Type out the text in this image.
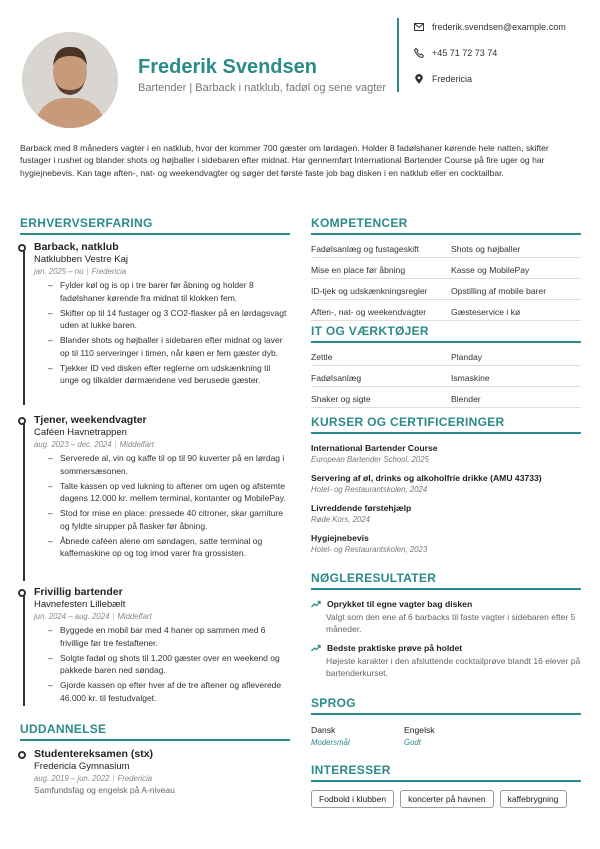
Frederik Svendsen
Bartender | Barback i natklub, fadøl og sene vagter
frederik.svendsen@example.com
+45 71 72 73 74
Fredericia
Barback med 8 måneders vagter i en natklub, hvor der kommer 700 gæster om lørdagen. Holder 8 fadølshaner kørende hele natten, skifter fustager i rushet og blander shots og højballer i sidebaren efter midnat. Har gennemført International Bartender Course på fire uger og har hygiejnebevis. Kan tage aften-, nat- og weekendvagter og søger det første faste job bag disken i en natklub eller en cocktailbar.
ERHVERVSERFARING
Barback, natklub
Natklubben Vestre Kaj
jan. 2025 – nu | Fredericia
– Fylder køl og is op i tre barer før åbning og holder 8 fadølshaner kørende fra midnat til klokken fem.
– Skifter op til 14 fustager og 3 CO2-flasker på en lørdagsvagt uden at lukke baren.
– Blander shots og højballer i sidebaren efter midnat og laver op til 110 serveringer i timen, når køen er fem gæster dyb.
– Tjekker ID ved disken efter reglerne om udskænkning til unge og tilkalder dørmændene ved berusede gæster.
Tjener, weekendvagter
Caféen Havnetrappen
aug. 2023 – dec. 2024 | Middelfart
– Serverede al, vin og kaffe til op til 90 kuverter på en lørdag i sommersæsonen.
– Talte kassen op ved lukning to aftener om ugen og afstemte dagens 12.000 kr. mellem terminal, kontanter og MobilePay.
– Stod for mise en place: pressede 40 citroner, skar garniture og fyldte sirupper på flasker før åbning.
– Åbnede caféen alene om søndagen, satte terminal og kaffemaskine op og tog imod varer fra grossisten.
Frivillig bartender
Havnefesten Lillebælt
jun. 2024 – aug. 2024 | Middelfart
– Byggede en mobil bar med 4 haner op sammen med 6 frivillige før tre festaftener.
– Solgte fadøl og shots til 1.200 gæster over en weekend og pakkede baren ned søndag.
– Gjorde kassen op efter hver af de tre aftener og afleverede 46.000 kr. til festudvalget.
UDDANNELSE
Studentereksamen (stx)
Fredericia Gymnasium
aug. 2019 – jun. 2022 | Fredericia
Samfundsfag og engelsk på A-niveau
KOMPETENCER
Fadølsanlæg og fustageskift	Shots og højballer
Mise en place før åbning	Kasse og MobilePay
ID-tjek og udskænkningsregler	Opstilling af mobile barer
Aften-, nat- og weekendvagter	Gæsteservice i kø
IT OG VÆRKTØJER
Zettle	Planday
Fadølsanlæg	Ismaskine
Shaker og sigte	Blender
KURSER OG CERTIFICERINGER
International Bartender Course
European Bartender School, 2025
Servering af øl, drinks og alkoholfrie drikke (AMU 43733)
Hotel- og Restaurantskolen, 2024
Livreddende førstehjælp
Røde Kors, 2024
Hygiejnebevis
Hotel- og Restaurantskolen, 2023
NØGLERESULTATER
Oprykket til egne vagter bag disken
Valgt som den ene af 6 barbacks til faste vagter i sidebaren efter 5 måneder.
Bedste praktiske prøve på holdet
Højeste karakter i den afsluttende cocktailprøve blandt 16 elever på bartenderkurset.
SPROG
Dansk
Modersmål
Engelsk
Godt
INTERESSER
Fodbold i klubben	koncerter på havnen	kaffebrygning
